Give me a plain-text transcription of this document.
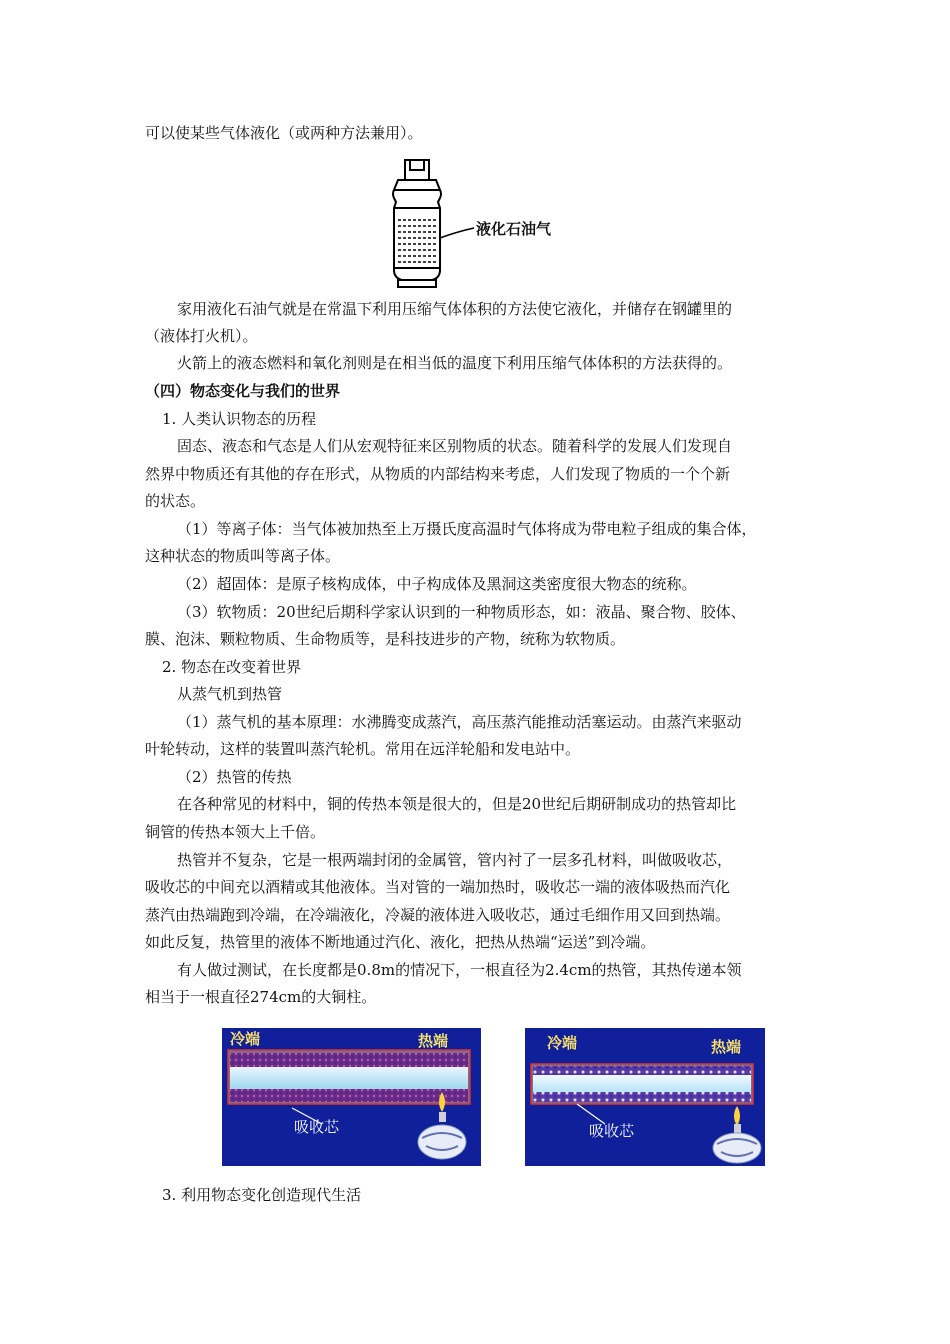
可以使某些气体液化（或两种方法兼用）。
液化石油气
家用液化石油气就是在常温下利用压缩气体体积的方法使它液化，并储存在钢罐里的
（液体打火机）。
火箭上的液态燃料和氧化剂则是在相当低的温度下利用压缩气体体积的方法获得的。
（四）物态变化与我们的世界
1. 人类认识物态的历程
固态、液态和气态是人们从宏观特征来区别物质的状态。随着科学的发展人们发现自
然界中物质还有其他的存在形式，从物质的内部结构来考虑，人们发现了物质的一个个新
的状态。
（1）等离子体：当气体被加热至上万摄氏度高温时气体将成为带电粒子组成的集合体，
这种状态的物质叫等离子体。
（2）超固体：是原子核构成体，中子构成体及黑洞这类密度很大物态的统称。
（3）软物质：20世纪后期科学家认识到的一种物质形态，如：液晶、聚合物、胶体、
膜、泡沫、颗粒物质、生命物质等，是科技进步的产物，统称为软物质。
2. 物态在改变着世界
从蒸气机到热管
（1）蒸气机的基本原理：水沸腾变成蒸汽，高压蒸汽能推动活塞运动。由蒸汽来驱动
叶轮转动，这样的装置叫蒸汽轮机。常用在远洋轮船和发电站中。
（2）热管的传热
在各种常见的材料中，铜的传热本领是很大的，但是20世纪后期研制成功的热管却比
铜管的传热本领大上千倍。
热管并不复杂，它是一根两端封闭的金属管，管内衬了一层多孔材料，叫做吸收芯，
吸收芯的中间充以酒精或其他液体。当对管的一端加热时，吸收芯一端的液体吸热而汽化
蒸汽由热端跑到冷端，在冷端液化，冷凝的液体进入吸收芯，通过毛细作用又回到热端。
如此反复，热管里的液体不断地通过汽化、液化，把热从热端“运送”到冷端。
有人做过测试，在长度都是0.8m的情况下，一根直径为2.4cm的热管，其热传递本领
相当于一根直径274cm的大铜柱。
冷端	热端
吸收芯
冷端	热端
吸收芯
3. 利用物态变化创造现代生活
